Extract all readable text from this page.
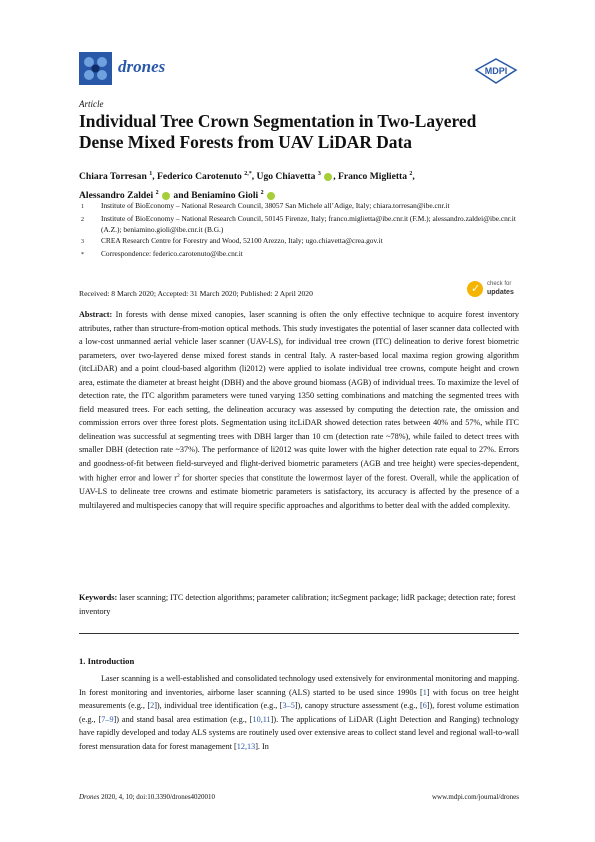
drones	MDPI
Article
Individual Tree Crown Segmentation in Two-Layered Dense Mixed Forests from UAV LiDAR Data
Chiara Torresan $^1$, Federico Carotenuto $^{2,*}$, Ugo Chiavetta $^3$ , Franco Miglietta $^2$,
Alessandro Zaldei $^2$ and Beniamino Gioli $^2$
1	Institute of BioEconomy – National Research Council, 38057 San Michele all’Adige, Italy; chiara.torresan@ibe.cnr.it
2	Institute of BioEconomy – National Research Council, 50145 Firenze, Italy; franco.miglietta@ibe.cnr.it (F.M.); alessandro.zaldei@ibe.cnr.it (A.Z.); beniamino.gioli@ibe.cnr.it (B.G.)
3	CREA Research Centre for Forestry and Wood, 52100 Arezzo, Italy; ugo.chiavetta@crea.gov.it
*	Correspondence: federico.carotenuto@ibe.cnr.it
Received: 8 March 2020; Accepted: 31 March 2020; Published: 2 April 2020	✓ check for
updates
Abstract: In forests with dense mixed canopies, laser scanning is often the only effective technique to acquire forest inventory attributes, rather than structure-from-motion optical methods. This study investigates the potential of laser scanner data collected with a low-cost unmanned aerial vehicle laser scanner (UAV-LS), for individual tree crown (ITC) delineation to derive forest biometric parameters, over two-layered dense mixed forest stands in central Italy. A raster-based local maxima region growing algorithm (itcLiDAR) and a point cloud-based algorithm (li2012) were applied to isolate individual tree crowns, compute height and crown area, estimate the diameter at breast height (DBH) and the above ground biomass (AGB) of individual trees. To maximize the level of detection rate, the ITC algorithm parameters were tuned varying 1350 setting combinations and matching the segmented trees with field measured trees. For each setting, the delineation accuracy was assessed by computing the detection rate, the omission and commission errors over three forest plots. Segmentation using itcLiDAR showed detection rates between 40% and 57%, while ITC delineation was successful at segmenting trees with DBH larger than 10 cm (detection rate ~78%), while failed to detect trees with smaller DBH (detection rate ~37%). The performance of li2012 was quite lower with the higher detection rate equal to 27%. Errors and goodness-of-fit between field-surveyed and flight-derived biometric parameters (AGB and tree height) were species-dependent, with higher error and lower $r^2$ for shorter species that constitute the lowermost layer of the forest. Overall, while the application of UAV-LS to delineate tree crowns and estimate biometric parameters is satisfactory, its accuracy is affected by the presence of a multilayered and multispecies canopy that will require specific approaches and algorithms to better deal with the added complexity.
Keywords: laser scanning; ITC detection algorithms; parameter calibration; itcSegment package; lidR package; detection rate; forest inventory
1. Introduction
Laser scanning is a well-established and consolidated technology used extensively for environmental monitoring and mapping. In forest monitoring and inventories, airborne laser scanning (ALS) started to be used since 1990s [1] with focus on tree height measurements (e.g., [2]), individual tree identification (e.g., [3–5]), canopy structure assessment (e.g., [6]), forest volume estimation (e.g., [7–9]) and stand basal area estimation (e.g., [10,11]). The applications of LiDAR (Light Detection and Ranging) technology have rapidly developed and today ALS systems are routinely used over extensive areas to collect stand level and regional wall-to-wall forest mensuration data for forest management [12,13]. In
Drones 2020, 4, 10; doi:10.3390/drones4020010	www.mdpi.com/journal/drones
